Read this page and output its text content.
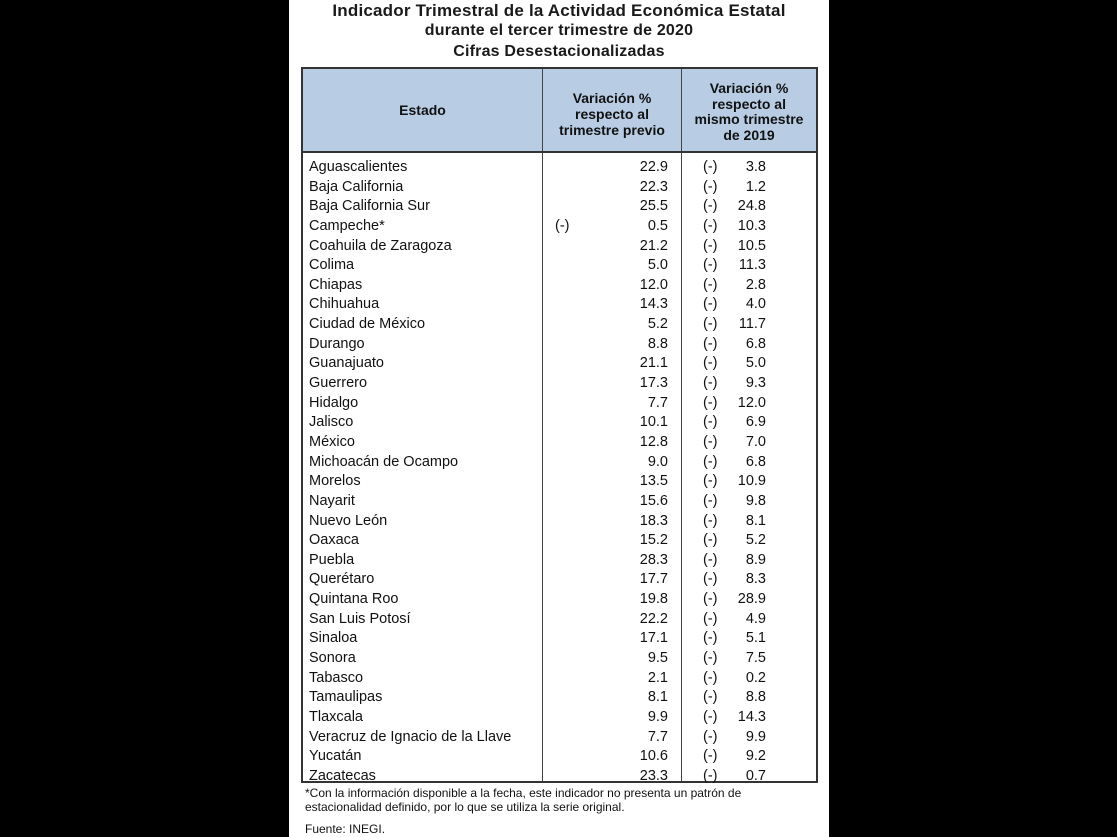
Indicador Trimestral de la Actividad Económica Estatal
durante el tercer trimestre de 2020
Cifras Desestacionalizadas
Estado
Variación %
respecto al
trimestre previo
Variación %
respecto al
mismo trimestre
de 2019
Aguascalientes	22.9 (-) 3.8
Baja California	22.3 (-) 1.2
Baja California Sur	25.5 (-) 24.8
Campeche*	(-)	0.5 (-) 10.3
Coahuila de Zaragoza	21.2 (-) 10.5
Colima	5.0 (-) 11.3
Chiapas	12.0 (-) 2.8
Chihuahua	14.3 (-) 4.0
Ciudad de México	5.2 (-) 11.7
Durango	8.8 (-) 6.8
Guanajuato	21.1 (-) 5.0
Guerrero	17.3 (-) 9.3
Hidalgo	7.7 (-) 12.0
Jalisco	10.1 (-) 6.9
México	12.8 (-) 7.0
Michoacán de Ocampo	9.0 (-) 6.8
Morelos	13.5 (-) 10.9
Nayarit	15.6 (-) 9.8
Nuevo León	18.3 (-) 8.1
Oaxaca	15.2 (-) 5.2
Puebla	28.3 (-) 8.9
Querétaro	17.7 (-) 8.3
Quintana Roo	19.8 (-) 28.9
San Luis Potosí	22.2 (-) 4.9
Sinaloa	17.1 (-) 5.1
Sonora	9.5 (-) 7.5
Tabasco	2.1 (-) 0.2
Tamaulipas	8.1 (-) 8.8
Tlaxcala	9.9 (-) 14.3
Veracruz de Ignacio de la Llave	7.7 (-) 9.9
Yucatán	10.6 (-) 9.2
Zacatecas	23.3 (-) 0.7
*Con la información disponible a la fecha, este indicador no presenta un patrón de
estacionalidad definido, por lo que se utiliza la serie original.
Fuente: INEGI.
